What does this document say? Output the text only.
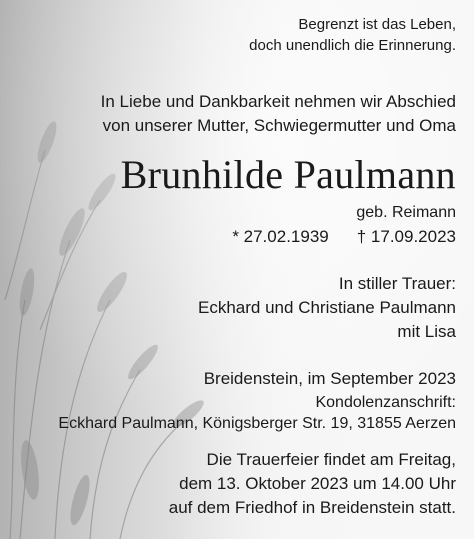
Begrenzt ist das Leben,
doch unendlich die Erinnerung.
In Liebe und Dankbarkeit nehmen wir Abschied
von unserer Mutter, Schwiegermutter und Oma
Brunhilde Paulmann
geb. Reimann
* 27.02.1939 † 17.09.2023
In stiller Trauer:
Eckhard und Christiane Paulmann
mit Lisa
Breidenstein, im September 2023
Kondolenzanschrift:
Eckhard Paulmann, Königsberger Str. 19, 31855 Aerzen
Die Trauerfeier findet am Freitag,
dem 13. Oktober 2023 um 14.00 Uhr
auf dem Friedhof in Breidenstein statt.
